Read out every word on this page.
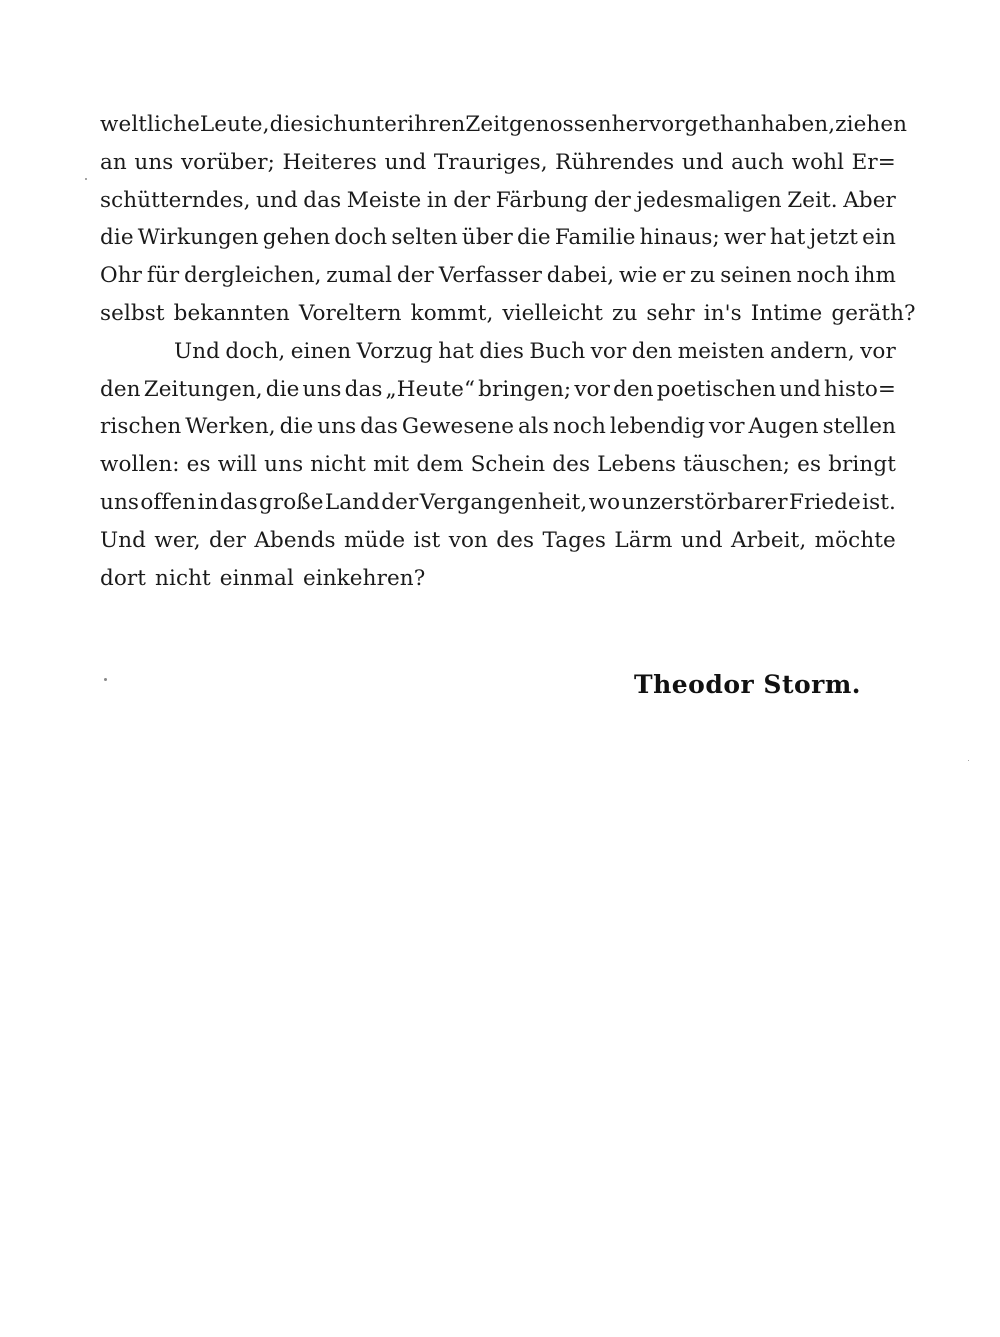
weltliche Leute, die sich unter ihren Zeitgenossen hervorgethan haben, ziehen
an uns vorüber; Heiteres und Trauriges, Rührendes und auch wohl Er=
schütterndes, und das Meiste in der Färbung der jedesmaligen Zeit. Aber
die Wirkungen gehen doch selten über die Familie hinaus; wer hat jetzt ein
Ohr für dergleichen, zumal der Verfasser dabei, wie er zu seinen noch ihm
selbst bekannten Voreltern kommt, vielleicht zu sehr in's Intime geräth?
Und doch, einen Vorzug hat dies Buch vor den meisten andern, vor
den Zeitungen, die uns das „Heute“ bringen; vor den poetischen und histo=
rischen Werken, die uns das Gewesene als noch lebendig vor Augen stellen
wollen: es will uns nicht mit dem Schein des Lebens täuschen; es bringt
uns offen in das große Land der Vergangenheit, wo unzerstörbarer Friede ist.
Und wer, der Abends müde ist von des Tages Lärm und Arbeit, möchte
dort nicht einmal einkehren?
Theodor Storm.
